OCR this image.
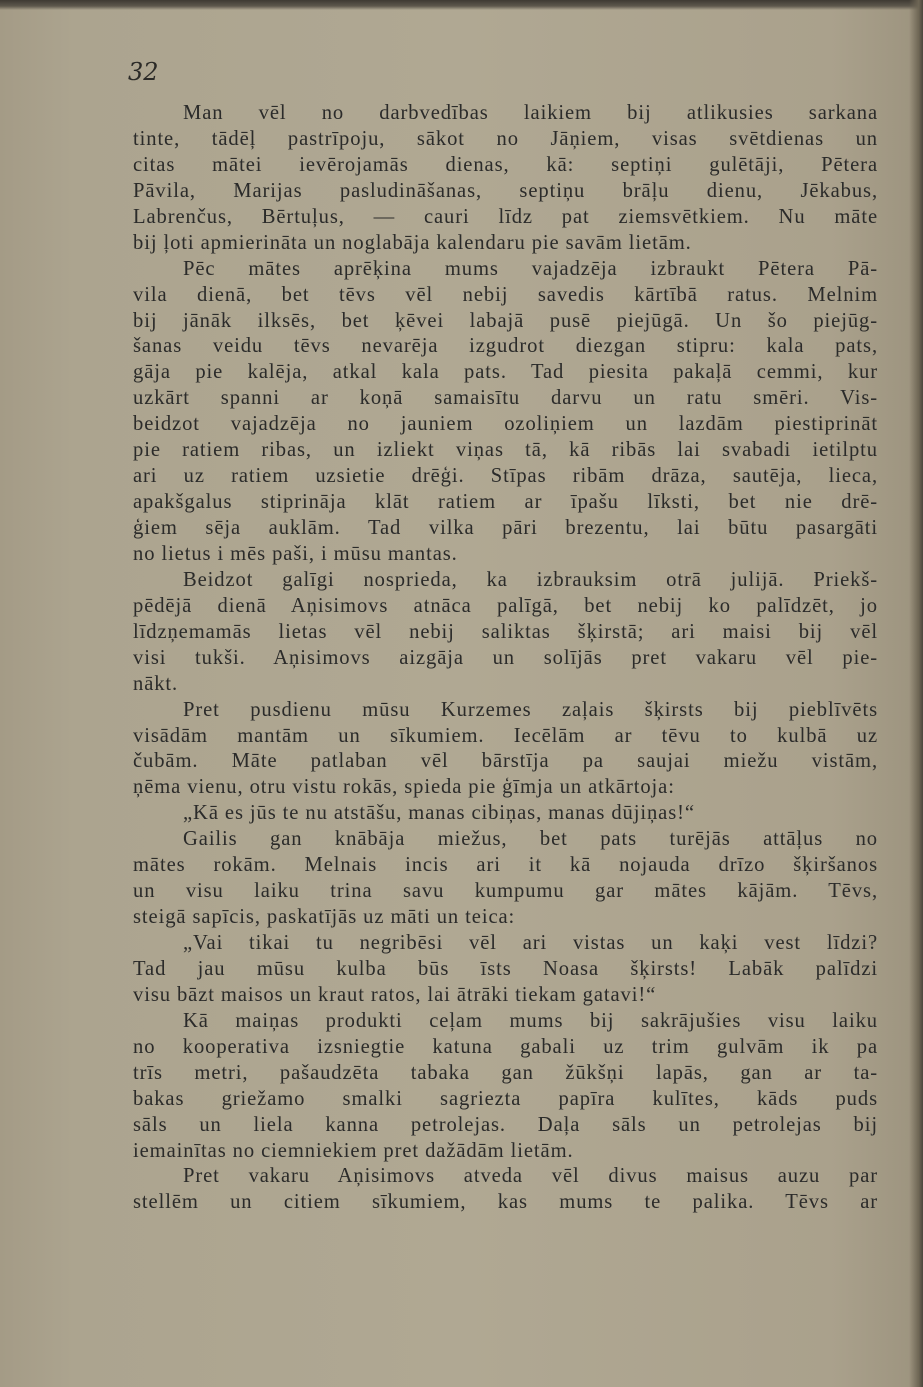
32
Man vēl no darbvedības laikiem bij atlikusies sarkana
tinte, tādēļ pastrīpoju, sākot no Jāņiem, visas svētdienas un
citas mātei ievērojamās dienas, kā: septiņi gulētāji, Pētera
Pāvila, Marijas pasludināšanas, septiņu brāļu dienu, Jēkabus,
Labrenčus, Bērtuļus, — cauri līdz pat ziemsvētkiem. Nu māte
bij ļoti apmierināta un noglabāja kalendaru pie savām lietām.
Pēc mātes aprēķina mums vajadzēja izbraukt Pētera Pā-
vila dienā, bet tēvs vēl nebij savedis kārtībā ratus. Melnim
bij jānāk ilksēs, bet ķēvei labajā pusē piejūgā. Un šo piejūg-
šanas veidu tēvs nevarēja izgudrot diezgan stipru: kala pats,
gāja pie kalēja, atkal kala pats. Tad piesita pakaļā cemmi, kur
uzkārt spanni ar koņā samaisītu darvu un ratu smēri. Vis-
beidzot vajadzēja no jauniem ozoliņiem un lazdām piestiprināt
pie ratiem ribas, un izliekt viņas tā, kā ribās lai svabadi ietilptu
ari uz ratiem uzsietie drēģi. Stīpas ribām drāza, sautēja, lieca,
apakšgalus stiprināja klāt ratiem ar īpašu līksti, bet nie drē-
ģiem sēja auklām. Tad vilka pāri brezentu, lai būtu pasargāti
no lietus i mēs paši, i mūsu mantas.
Beidzot galīgi nosprieda, ka izbrauksim otrā julijā. Priekš-
pēdējā dienā Aņisimovs atnāca palīgā, bet nebij ko palīdzēt, jo
līdzņemamās lietas vēl nebij saliktas šķirstā; ari maisi bij vēl
visi tukši. Aņisimovs aizgāja un solījās pret vakaru vēl pie-
nākt.
Pret pusdienu mūsu Kurzemes zaļais šķirsts bij pieblīvēts
visādām mantām un sīkumiem. Iecēlām ar tēvu to kulbā uz
čubām. Māte patlaban vēl bārstīja pa saujai miežu vistām,
ņēma vienu, otru vistu rokās, spieda pie ģīmja un atkārtoja:
„Kā es jūs te nu atstāšu, manas cibiņas, manas dūjiņas!“
Gailis gan knābāja miežus, bet pats turējās attāļus no
mātes rokām. Melnais incis ari it kā nojauda drīzo šķiršanos
un visu laiku trina savu kumpumu gar mātes kājām. Tēvs,
steigā sapīcis, paskatījās uz māti un teica:
„Vai tikai tu negribēsi vēl ari vistas un kaķi vest līdzi?
Tad jau mūsu kulba būs īsts Noasa šķirsts! Labāk palīdzi
visu bāzt maisos un kraut ratos, lai ātrāki tiekam gatavi!“
Kā maiņas produkti ceļam mums bij sakrājušies visu laiku
no kooperativa izsniegtie katuna gabali uz trim gulvām ik pa
trīs metri, pašaudzēta tabaka gan žūkšņi lapās, gan ar ta-
bakas griežamo smalki sagriezta papīra kulītes, kāds puds
sāls un liela kanna petrolejas. Daļa sāls un petrolejas bij
iemainītas no ciemniekiem pret dažādām lietām.
Pret vakaru Aņisimovs atveda vēl divus maisus auzu par
stellēm un citiem sīkumiem, kas mums te palika. Tēvs ar
